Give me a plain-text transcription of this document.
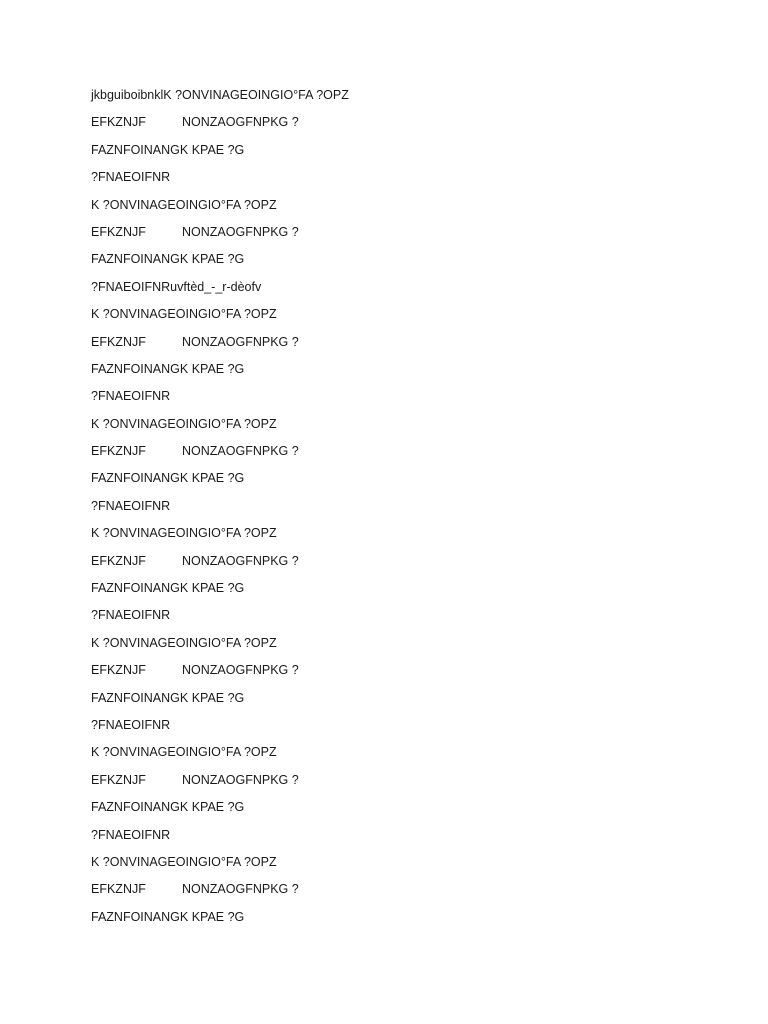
jkbguiboibnklK ?ONVINAGEOINGIO°FA ?OPZ
EFKZNJF	NONZAOGFNPKG ?
FAZNFOINANGK KPAE ?G
?FNAEOIFNR
K ?ONVINAGEOINGIO°FA ?OPZ
EFKZNJF	NONZAOGFNPKG ?
FAZNFOINANGK KPAE ?G
?FNAEOIFNRuvftèd_-_r-dèofv
K ?ONVINAGEOINGIO°FA ?OPZ
EFKZNJF	NONZAOGFNPKG ?
FAZNFOINANGK KPAE ?G
?FNAEOIFNR
K ?ONVINAGEOINGIO°FA ?OPZ
EFKZNJF	NONZAOGFNPKG ?
FAZNFOINANGK KPAE ?G
?FNAEOIFNR
K ?ONVINAGEOINGIO°FA ?OPZ
EFKZNJF	NONZAOGFNPKG ?
FAZNFOINANGK KPAE ?G
?FNAEOIFNR
K ?ONVINAGEOINGIO°FA ?OPZ
EFKZNJF	NONZAOGFNPKG ?
FAZNFOINANGK KPAE ?G
?FNAEOIFNR
K ?ONVINAGEOINGIO°FA ?OPZ
EFKZNJF	NONZAOGFNPKG ?
FAZNFOINANGK KPAE ?G
?FNAEOIFNR
K ?ONVINAGEOINGIO°FA ?OPZ
EFKZNJF	NONZAOGFNPKG ?
FAZNFOINANGK KPAE ?G
